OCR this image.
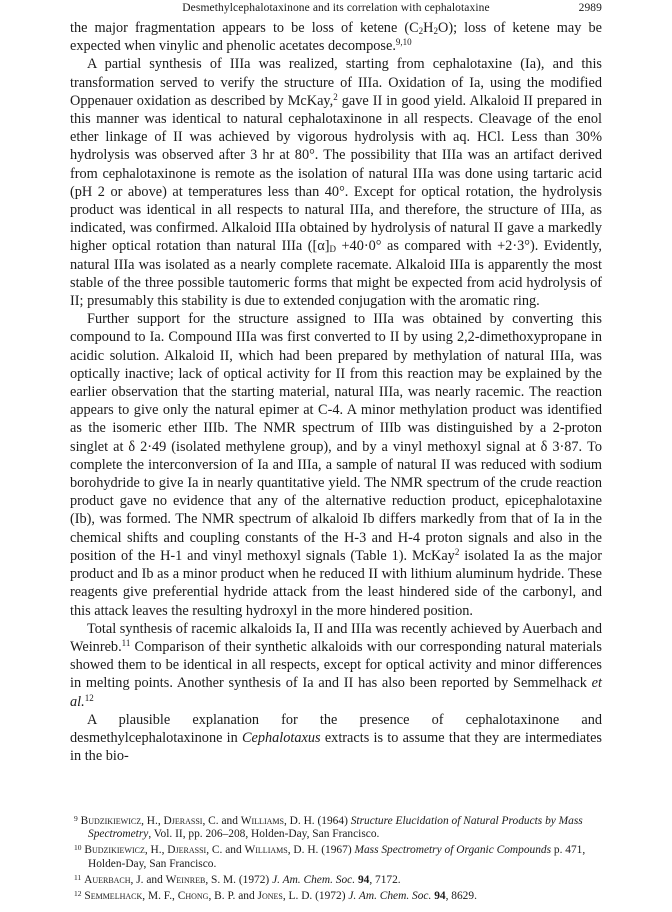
Desmethylcephalotaxinone and its correlation with cephalotaxine	2989

the major fragmentation appears to be loss of ketene $(C_2H_2O)$; loss of ketene may be expected when vinylic and phenolic acetates decompose.$^{9,10}$

A partial synthesis of IIIa was realized, starting from cephalotaxine (Ia), and this transformation served to verify the structure of IIIa. Oxidation of Ia, using the modified Oppenauer oxidation as described by McKay,$^2$ gave II in good yield. Alkaloid II prepared in this manner was identical to natural cephalotaxinone in all respects. Cleavage of the enol ether linkage of II was achieved by vigorous hydrolysis with aq. HCl. Less than 30% hydrolysis was observed after 3 hr at 80°. The possibility that IIIa was an artifact derived from cephalotaxinone is remote as the isolation of natural IIIa was done using tartaric acid (pH 2 or above) at temperatures less than 40°. Except for optical rotation, the hydrolysis product was identical in all respects to natural IIIa, and therefore, the structure of IIIa, as indicated, was confirmed. Alkaloid IIIa obtained by hydrolysis of natural II gave a markedly higher optical rotation than natural IIIa ($[\alpha]_D +40\cdot 0^\circ$ as compared with +2·3°). Evidently, natural IIIa was isolated as a nearly complete racemate. Alkaloid IIIa is apparently the most stable of the three possible tautomeric forms that might be expected from acid hydrolysis of II; presumably this stability is due to extended conjugation with the aromatic ring.

Further support for the structure assigned to IIIa was obtained by converting this compound to Ia. Compound IIIa was first converted to II by using 2,2-dimethoxypropane in acidic solution. Alkaloid II, which had been prepared by methylation of natural IIIa, was optically inactive; lack of optical activity for II from this reaction may be explained by the earlier observation that the starting material, natural IIIa, was nearly racemic. The reaction appears to give only the natural epimer at C-4. A minor methylation product was identified as the isomeric ether IIIb. The NMR spectrum of IIIb was distinguished by a 2-proton singlet at δ 2·49 (isolated methylene group), and by a vinyl methoxyl signal at δ 3·87. To complete the interconversion of Ia and IIIa, a sample of natural II was reduced with sodium borohydride to give Ia in nearly quantitative yield. The NMR spectrum of the crude reaction product gave no evidence that any of the alternative reduction product, epicephalotaxine (Ib), was formed. The NMR spectrum of alkaloid Ib differs markedly from that of Ia in the chemical shifts and coupling constants of the H-3 and H-4 proton signals and also in the position of the H-1 and vinyl methoxyl signals (Table 1). McKay$^2$ isolated Ia as the major product and Ib as a minor product when he reduced II with lithium aluminum hydride. These reagents give preferential hydride attack from the least hindered side of the carbonyl, and this attack leaves the resulting hydroxyl in the more hindered position.

Total synthesis of racemic alkaloids Ia, II and IIIa was recently achieved by Auerbach and Weinreb.$^{11}$ Comparison of their synthetic alkaloids with our corresponding natural materials showed them to be identical in all respects, except for optical activity and minor differences in melting points. Another synthesis of Ia and II has also been reported by Semmelhack et al.$^{12}$

A plausible explanation for the presence of cephalotaxinone and desmethylcephalotaxinone in Cephalotaxus extracts is to assume that they are intermediates in the bio-

$^9$ Budzikiewicz, H., Djerassi, C. and Williams, D. H. (1964) Structure Elucidation of Natural Products by Mass Spectrometry, Vol. II, pp. 206–208, Holden-Day, San Francisco.
$^{10}$ Budzikiewicz, H., Djerassi, C. and Williams, D. H. (1967) Mass Spectrometry of Organic Compounds p. 471, Holden-Day, San Francisco.
$^{11}$ Auerbach, J. and Weinreb, S. M. (1972) J. Am. Chem. Soc. 94, 7172.
$^{12}$ Semmelhack, M. F., Chong, B. P. and Jones, L. D. (1972) J. Am. Chem. Soc. 94, 8629.
